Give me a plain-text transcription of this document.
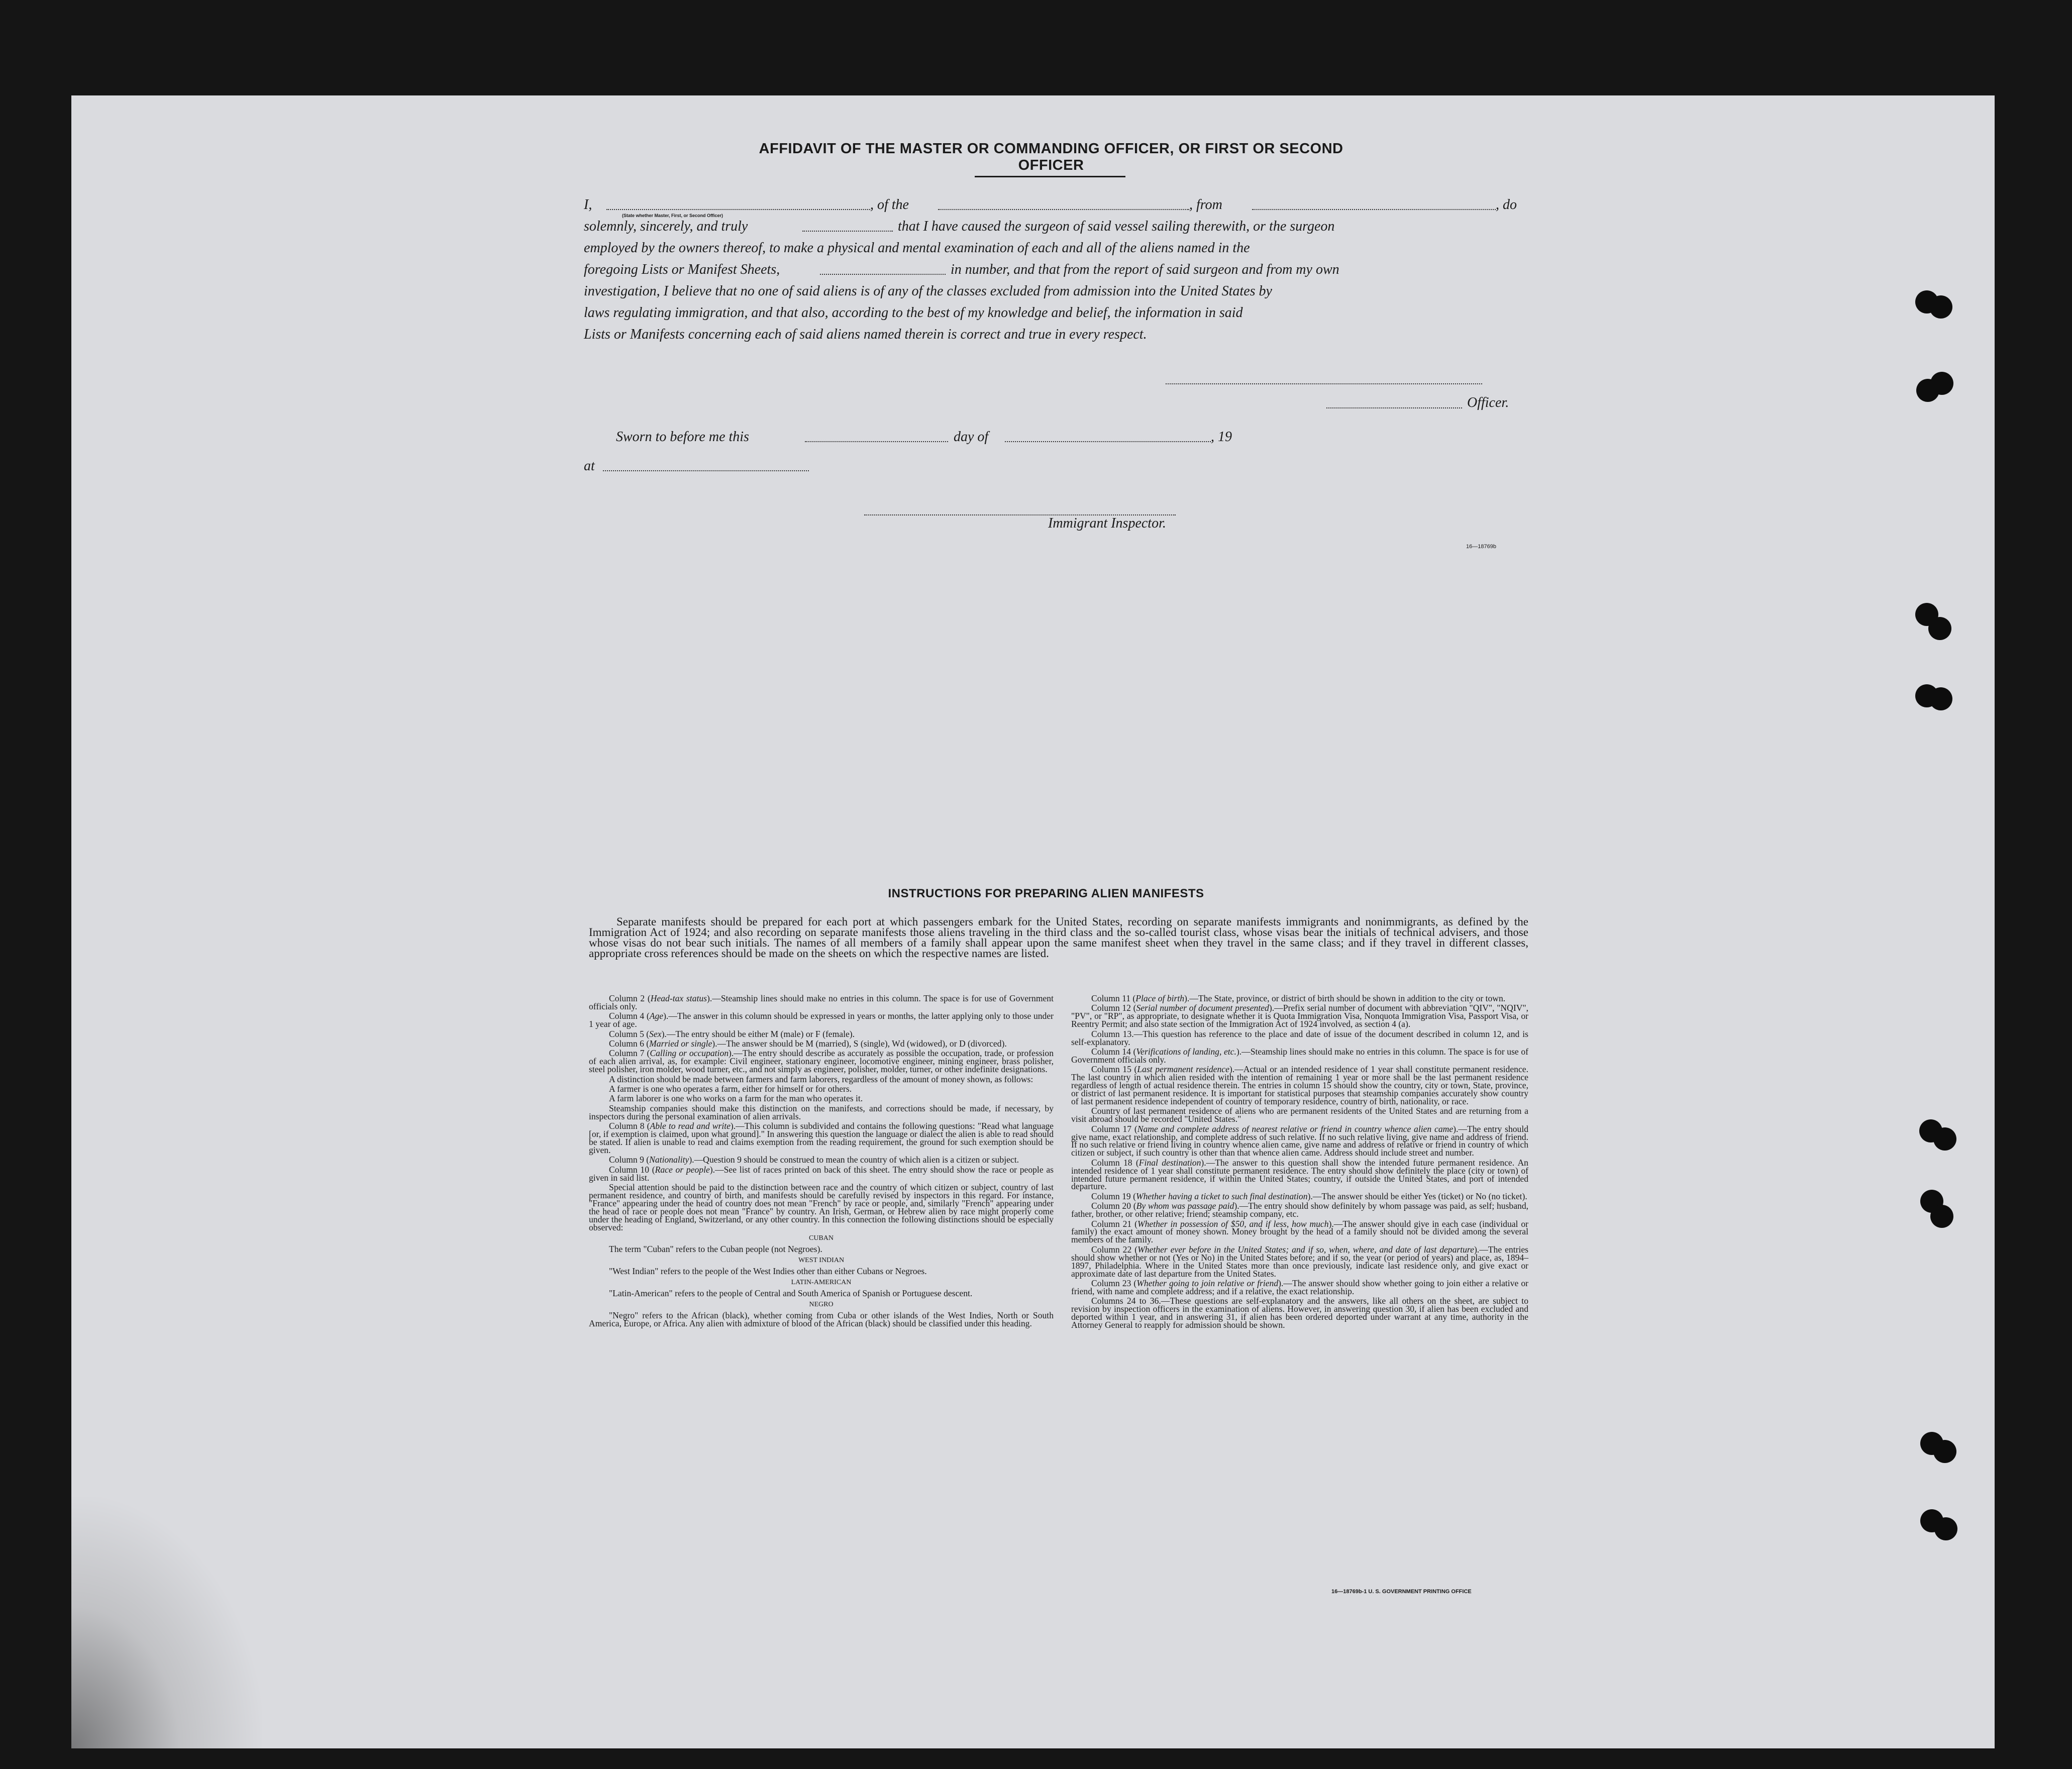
AFFIDAVIT OF THE MASTER OR COMMANDING OFFICER, OR FIRST OR SECOND OFFICER
I,	, of the	, from	, do
(State whether Master, First, or Second Officer)
solemnly, sincerely, and truly	that I have caused the surgeon of said vessel sailing therewith, or the surgeon
employed by the owners thereof, to make a physical and mental examination of each and all of the aliens named in the
foregoing Lists or Manifest Sheets,	in number, and that from the report of said surgeon and from my own
investigation, I believe that no one of said aliens is of any of the classes excluded from admission into the United States by
laws regulating immigration, and that also, according to the best of my knowledge and belief, the information in said
Lists or Manifests concerning each of said aliens named therein is correct and true in every respect.
Officer.
Sworn to before me this	day of	, 19
at
Immigrant Inspector.
16—18769b
INSTRUCTIONS FOR PREPARING ALIEN MANIFESTS
Separate manifests should be prepared for each port at which passengers embark for the United States, recording on separate manifests immigrants and nonimmigrants, as defined by the Immigration Act of 1924; and also recording on separate manifests those aliens traveling in the third class and the so-called tourist class, whose visas bear the initials of technical advisers, and those whose visas do not bear such initials. The names of all members of a family shall appear upon the same manifest sheet when they travel in the same class; and if they travel in different classes, appropriate cross references should be made on the sheets on which the respective names are listed.

Column 2 (Head-tax status).—Steamship lines should make no entries in this column. The space is for use of Government officials only.

Column 4 (Age).—The answer in this column should be expressed in years or months, the latter applying only to those under 1 year of age.

Column 5 (Sex).—The entry should be either M (male) or F (female).

Column 6 (Married or single).—The answer should be M (married), S (single), Wd (widowed), or D (divorced).

Column 7 (Calling or occupation).—The entry should describe as accurately as possible the occupation, trade, or profession of each alien arrival, as, for example: Civil engineer, stationary engineer, locomotive engineer, mining engineer, brass polisher, steel polisher, iron molder, wood turner, etc., and not simply as engineer, polisher, molder, turner, or other indefinite designations.

A distinction should be made between farmers and farm laborers, regardless of the amount of money shown, as follows:

A farmer is one who operates a farm, either for himself or for others.

A farm laborer is one who works on a farm for the man who operates it.

Steamship companies should make this distinction on the manifests, and corrections should be made, if necessary, by inspectors during the personal examination of alien arrivals.

Column 8 (Able to read and write).—This column is subdivided and contains the following questions: "Read what language [or, if exemption is claimed, upon what ground]." In answering this question the language or dialect the alien is able to read should be stated. If alien is unable to read and claims exemption from the reading requirement, the ground for such exemption should be given.

Column 9 (Nationality).—Question 9 should be construed to mean the country of which alien is a citizen or subject.

Column 10 (Race or people).—See list of races printed on back of this sheet. The entry should show the race or people as given in said list.

Special attention should be paid to the distinction between race and the country of which citizen or subject, country of last permanent residence, and country of birth, and manifests should be carefully revised by inspectors in this regard. For instance, "France" appearing under the head of country does not mean "French" by race or people, and, similarly "French" appearing under the head of race or people does not mean "France" by country. An Irish, German, or Hebrew alien by race might properly come under the heading of England, Switzerland, or any other country. In this connection the following distinctions should be especially observed:

CUBAN

The term "Cuban" refers to the Cuban people (not Negroes).

WEST INDIAN

"West Indian" refers to the people of the West Indies other than either Cubans or Negroes.

LATIN-AMERICAN

"Latin-American" refers to the people of Central and South America of Spanish or Portuguese descent.

NEGRO

"Negro" refers to the African (black), whether coming from Cuba or other islands of the West Indies, North or South America, Europe, or Africa. Any alien with admixture of blood of the African (black) should be classified under this heading.

Column 11 (Place of birth).—The State, province, or district of birth should be shown in addition to the city or town.

Column 12 (Serial number of document presented).—Prefix serial number of document with abbreviation "QIV", "NQIV", "PV", or "RP", as appropriate, to designate whether it is Quota Immigration Visa, Nonquota Immigration Visa, Passport Visa, or Reentry Permit; and also state section of the Immigration Act of 1924 involved, as section 4 (a).

Column 13.—This question has reference to the place and date of issue of the document described in column 12, and is self-explanatory.

Column 14 (Verifications of landing, etc.).—Steamship lines should make no entries in this column. The space is for use of Government officials only.

Column 15 (Last permanent residence).—Actual or an intended residence of 1 year shall constitute permanent residence. The last country in which alien resided with the intention of remaining 1 year or more shall be the last permanent residence regardless of length of actual residence therein. The entries in column 15 should show the country, city or town, State, province, or district of last permanent residence. It is important for statistical purposes that steamship companies accurately show country of last permanent residence independent of country of temporary residence, country of birth, nationality, or race.

Country of last permanent residence of aliens who are permanent residents of the United States and are returning from a visit abroad should be recorded "United States."

Column 17 (Name and complete address of nearest relative or friend in country whence alien came).—The entry should give name, exact relationship, and complete address of such relative. If no such relative living, give name and address of friend. If no such relative or friend living in country whence alien came, give name and address of relative or friend in country of which citizen or subject, if such country is other than that whence alien came. Address should include street and number.

Column 18 (Final destination).—The answer to this question shall show the intended future permanent residence. An intended residence of 1 year shall constitute permanent residence. The entry should show definitely the place (city or town) of intended future permanent residence, if within the United States; country, if outside the United States, and port of intended departure.

Column 19 (Whether having a ticket to such final destination).—The answer should be either Yes (ticket) or No (no ticket).

Column 20 (By whom was passage paid).—The entry should show definitely by whom passage was paid, as self; husband, father, brother, or other relative; friend; steamship company, etc.

Column 21 (Whether in possession of $50, and if less, how much).—The answer should give in each case (individual or family) the exact amount of money shown. Money brought by the head of a family should not be divided among the several members of the family.

Column 22 (Whether ever before in the United States; and if so, when, where, and date of last departure).—The entries should show whether or not (Yes or No) in the United States before; and if so, the year (or period of years) and place, as, 1894–1897, Philadelphia. Where in the United States more than once previously, indicate last residence only, and give exact or approximate date of last departure from the United States.

Column 23 (Whether going to join relative or friend).—The answer should show whether going to join either a relative or friend, with name and complete address; and if a relative, the exact relationship.

Columns 24 to 36.—These questions are self-explanatory and the answers, like all others on the sheet, are subject to revision by inspection officers in the examination of aliens. However, in answering question 30, if alien has been excluded and deported within 1 year, and in answering 31, if alien has been ordered deported under warrant at any time, authority in the Attorney General to reapply for admission should be shown.

16—18769b-1 U. S. GOVERNMENT PRINTING OFFICE
